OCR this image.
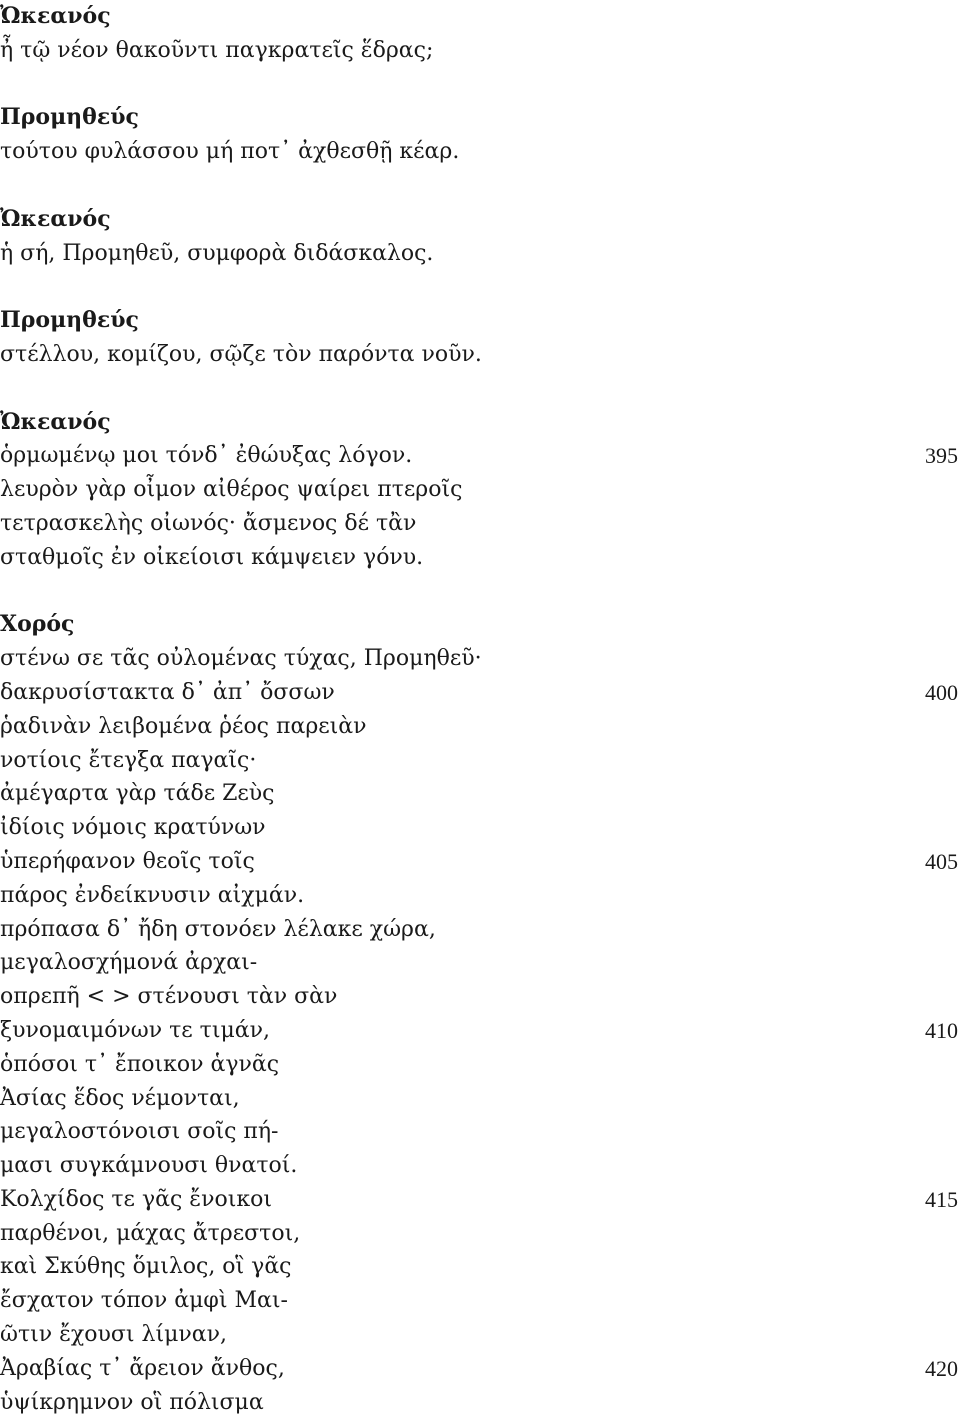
Ὠκεανός
ἦ τῷ νέον θακοῦντι παγκρατεῖς ἕδρας;
Προμηθεύς
τούτου φυλάσσου μή ποτ᾽ ἀχθεσθῇ κέαρ.
Ὠκεανός
ἡ σή, Προμηθεῦ, συμφορὰ διδάσκαλος.
Προμηθεύς
στέλλου, κομίζου, σῷζε τὸν παρόντα νοῦν.
Ὠκεανός
ὁρμωμένῳ μοι τόνδ᾽ ἐθώυξας λόγον.	395
λευρὸν γὰρ οἶμον αἰθέρος ψαίρει πτεροῖς
τετρασκελὴς οἰωνός· ἄσμενος δέ τἂν
σταθμοῖς ἐν οἰκείοισι κάμψειεν γόνυ.
Χορός
στένω σε τᾶς οὐλομένας τύχας, Προμηθεῦ·
δακρυσίστακτα δ᾽ ἀπ᾽ ὄσσων	400
ῥαδινὰν λειβομένα ῥέος παρειὰν
νοτίοις ἔτεγξα παγαῖς·
ἀμέγαρτα γὰρ τάδε Ζεὺς
ἰδίοις νόμοις κρατύνων
ὑπερήφανον θεοῖς τοῖς	405
πάρος ἐνδείκνυσιν αἰχμάν.
πρόπασα δ᾽ ἤδη στονόεν λέλακε χώρα,
μεγαλοσχήμονά ἀρχαι-
οπρεπῆ < > στένουσι τὰν σὰν
ξυνομαιμόνων τε τιμάν,	410
ὁπόσοι τ᾽ ἔποικον ἁγνᾶς
Ἀσίας ἕδος νέμονται,
μεγαλοστόνοισι σοῖς πή-
μασι συγκάμνουσι θνατοί.
Κολχίδος τε γᾶς ἔνοικοι	415
παρθένοι, μάχας ἄτρεστοι,
καὶ Σκύθης ὅμιλος, οἳ γᾶς
ἔσχατον τόπον ἀμφὶ Μαι-
ῶτιν ἔχουσι λίμναν,
Ἀραβίας τ᾽ ἄρειον ἄνθος,	420
ὑψίκρημνον οἳ πόλισμα
